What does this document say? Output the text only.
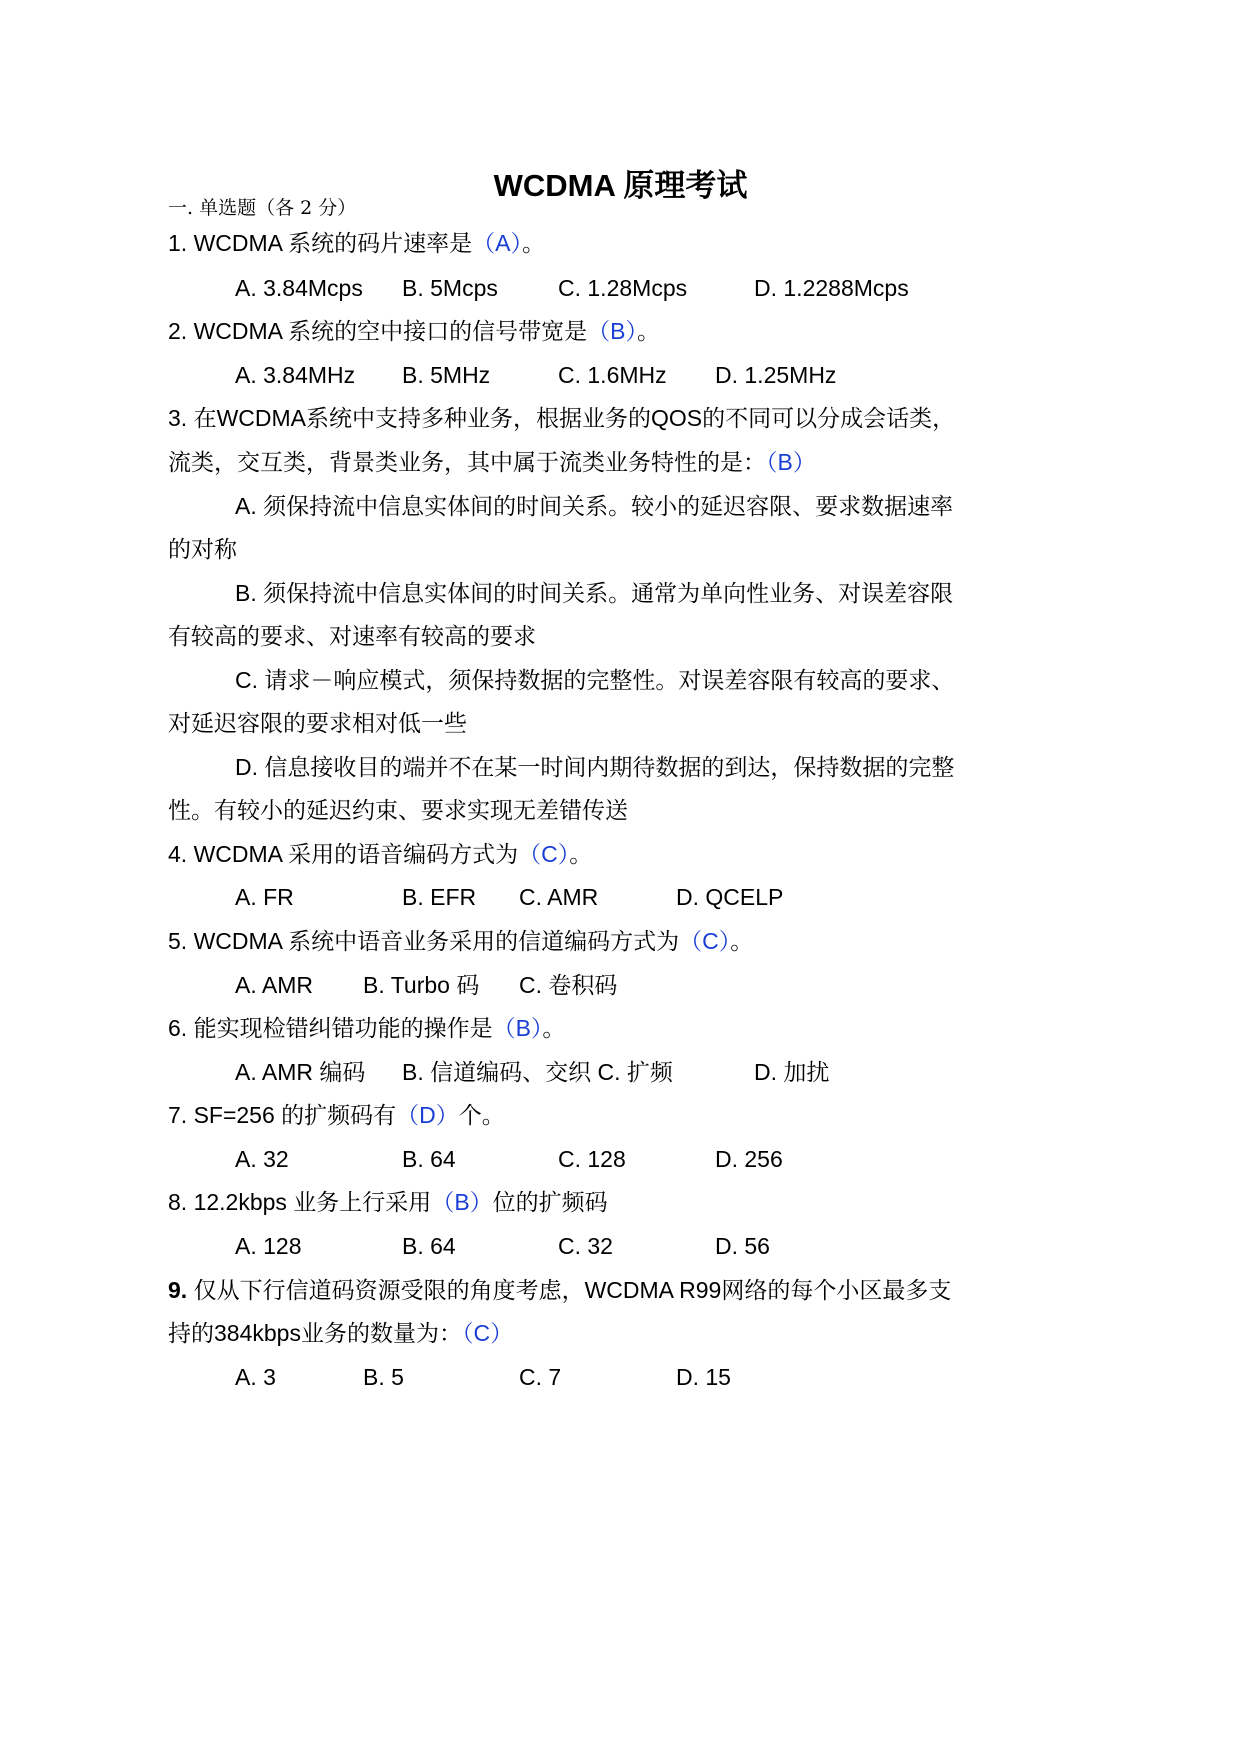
WCDMA 原理考试
一. 单选题（各 2 分）
1. WCDMA 系统的码片速率是（A）。
A. 3.84Mcps B. 5Mcps	C. 1.28Mcps	D. 1.2288Mcps
2. WCDMA 系统的空中接口的信号带宽是（B）。
A. 3.84MHz B. 5MHz	C. 1.6MHz D. 1.25MHz
3. 在WCDMA系统中支持多种业务，根据业务的QOS的不同可以分成会话类，
流类，交互类，背景类业务，其中属于流类业务特性的是：（B）
A. 须保持流中信息实体间的时间关系。较小的延迟容限、要求数据速率
的对称
B. 须保持流中信息实体间的时间关系。通常为单向性业务、对误差容限
有较高的要求、对速率有较高的要求
C. 请求－响应模式，须保持数据的完整性。对误差容限有较高的要求、
对延迟容限的要求相对低一些
D. 信息接收目的端并不在某一时间内期待数据的到达，保持数据的完整
性。有较小的延迟约束、要求实现无差错传送
4. WCDMA 采用的语音编码方式为（C）。
A. FR	B. EFR C. AMR	D. QCELP
5. WCDMA 系统中语音业务采用的信道编码方式为（C）。
A. AMR B. Turbo 码 C. 卷积码
6. 能实现检错纠错功能的操作是（B）。
A. AMR 编码 B. 信道编码、交织 C. 扩频	D. 加扰
7. SF=256 的扩频码有（D）个。
A. 32	B. 64	C. 128	D. 256
8. 12.2kbps 业务上行采用（B）位的扩频码
A. 128	B. 64	C. 32	D. 56
9. 仅从下行信道码资源受限的角度考虑，WCDMA R99网络的每个小区最多支
持的384kbps业务的数量为：（C）
A. 3	B. 5	C. 7	D. 15
